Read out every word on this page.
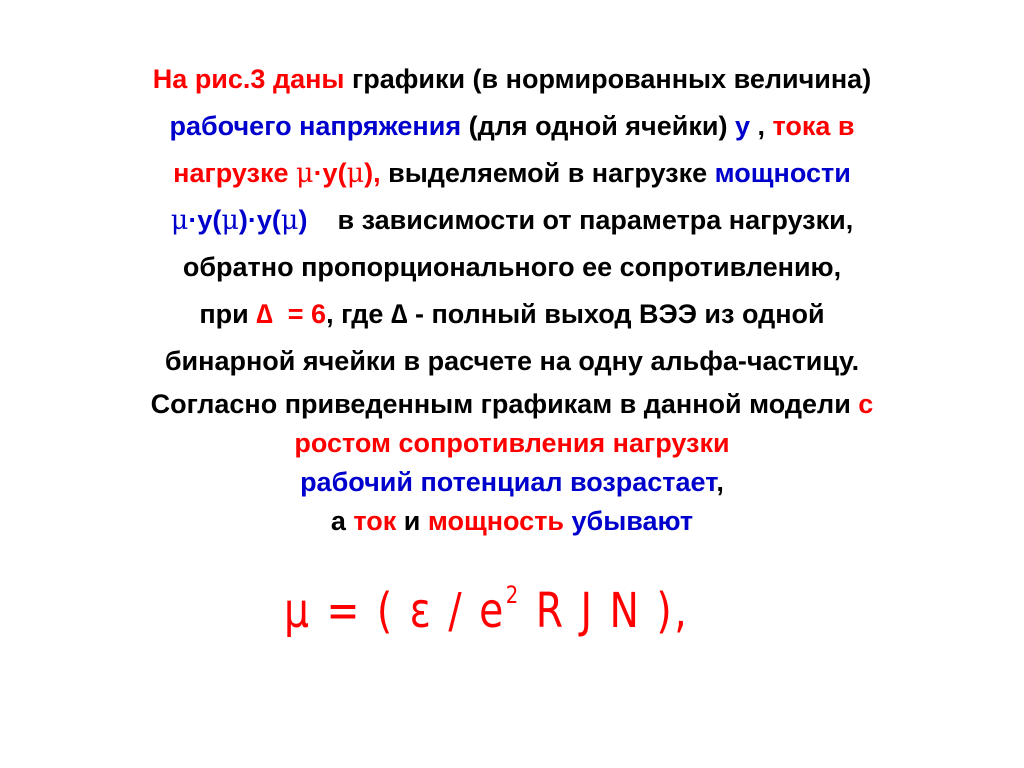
На рис.3 даны графики (в нормированных величина)
рабочего напряжения (для одной ячейки) y , тока в
нагрузке μ·у(μ), выделяемой в нагрузке мощности
μ·у(μ)·у(μ)    в зависимости от параметра нагрузки,
обратно пропорционального ее сопротивлению,
при ∆  = 6, где ∆ - полный выход ВЭЭ из одной
бинарной ячейки в расчете на одну альфа-частицу.
Согласно приведенным графикам в данной модели с
ростом сопротивления нагрузки
рабочий потенциал возрастает,
а ток и мощность убывают
μ = ( ε / $e^2$ R J N ),
